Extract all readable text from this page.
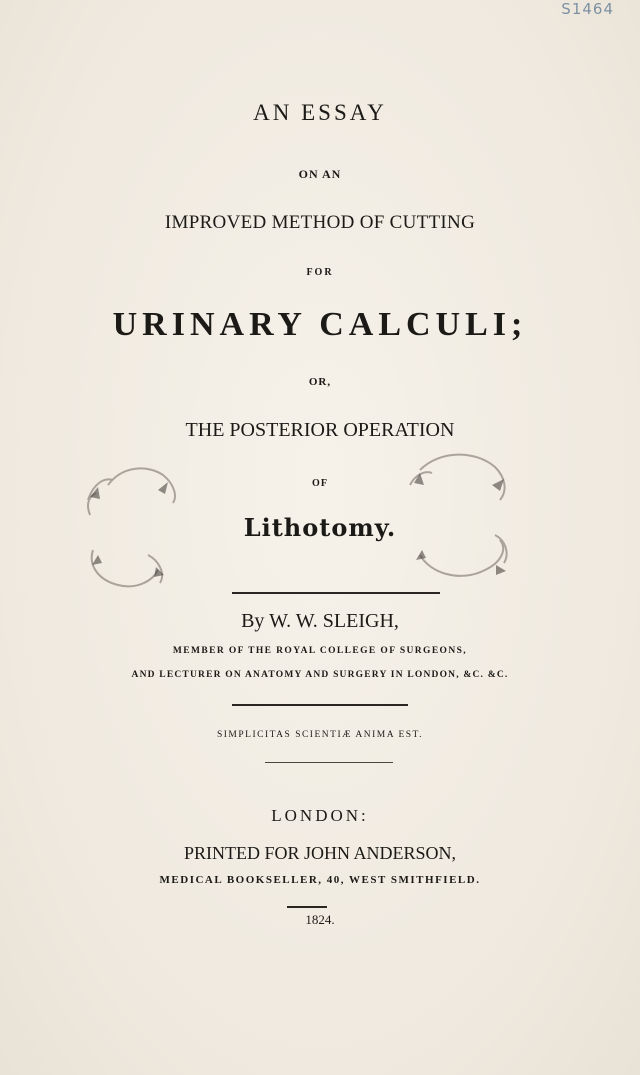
S1464
AN ESSAY
ON AN
IMPROVED METHOD OF CUTTING
FOR
URINARY CALCULI;
OR,
THE POSTERIOR OPERATION
OF
Lithotomy.
By W. W. SLEIGH,
MEMBER OF THE ROYAL COLLEGE OF SURGEONS,
AND LECTURER ON ANATOMY AND SURGERY IN LONDON, &C. &C.
SIMPLICITAS SCIENTIÆ ANIMA EST.
LONDON:
PRINTED FOR JOHN ANDERSON,
MEDICAL BOOKSELLER, 40, WEST SMITHFIELD.
1824.
